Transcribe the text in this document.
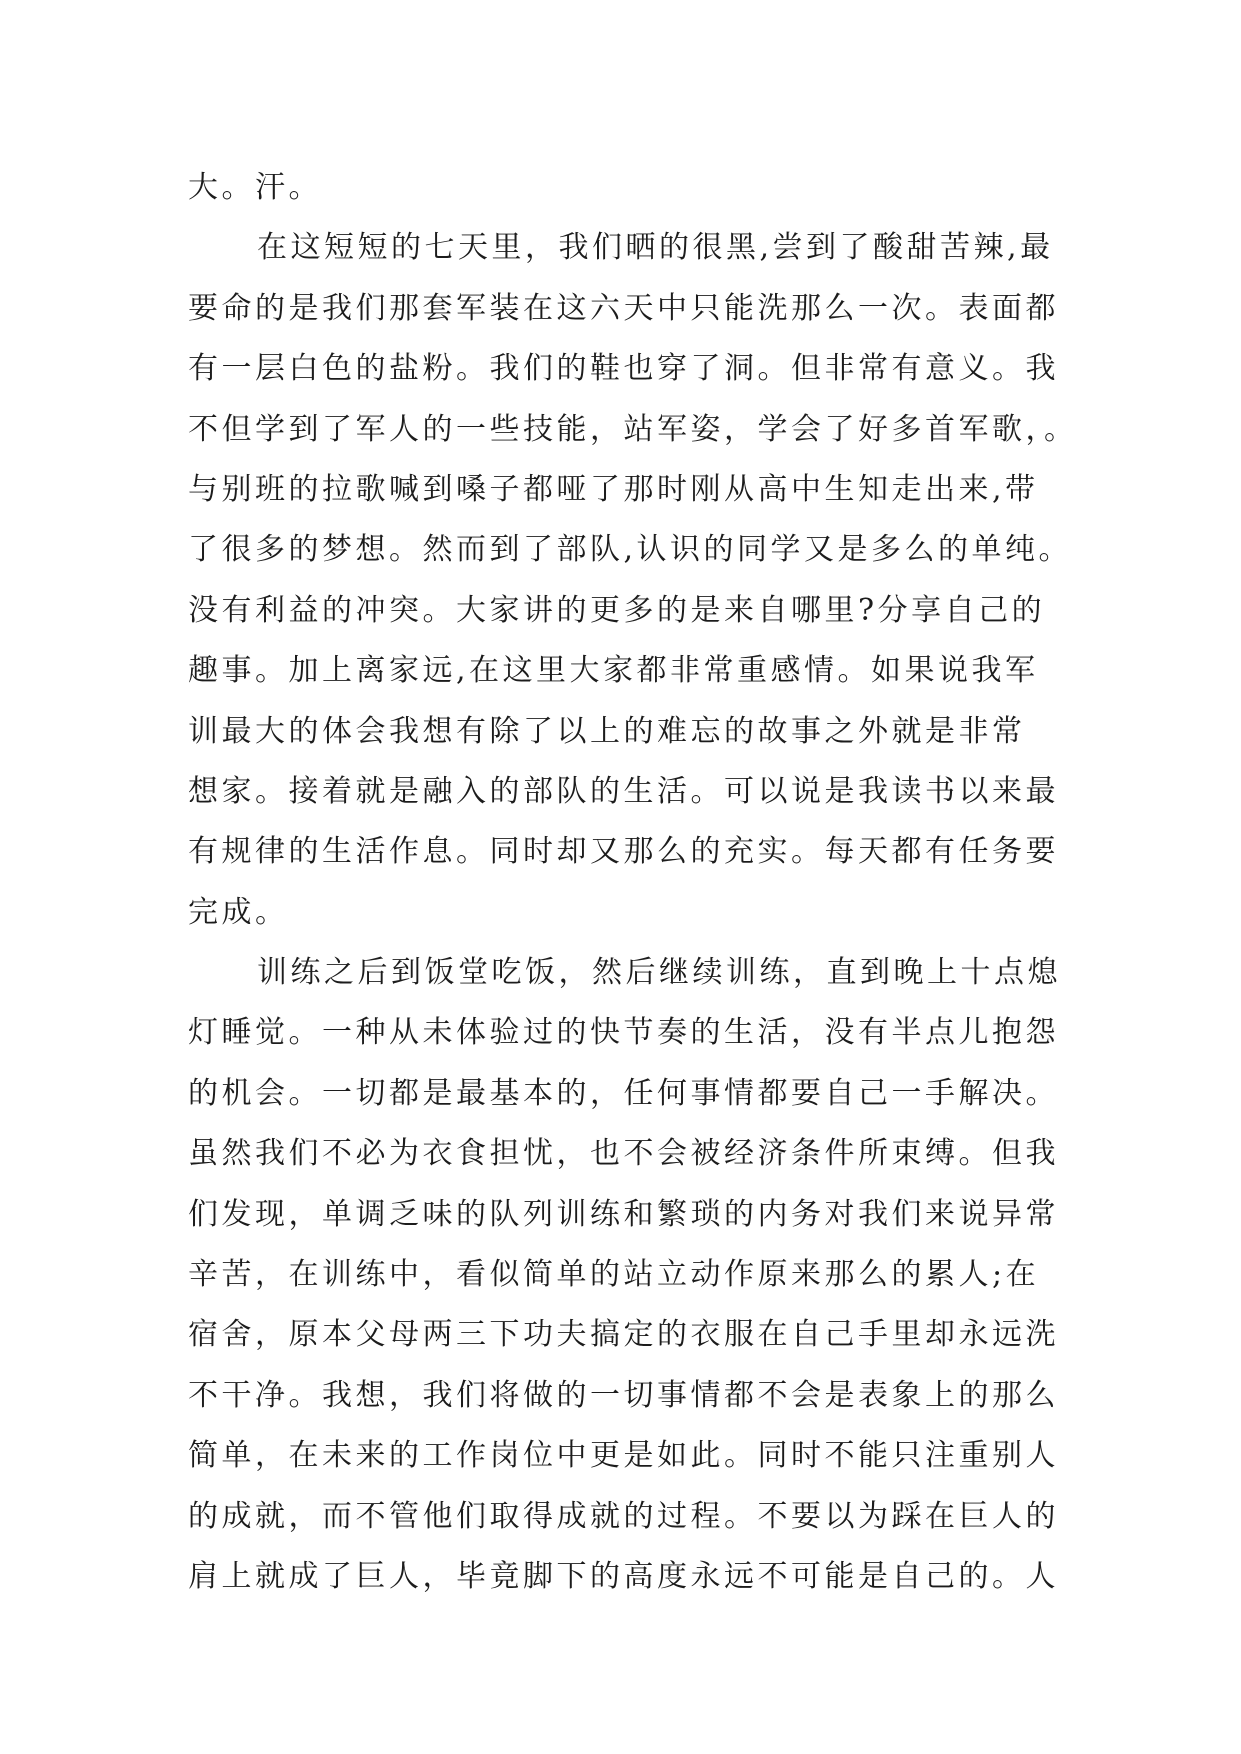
大。汗。
在这短短的七天里，我们晒的很黑,尝到了酸甜苦辣,最
要命的是我们那套军装在这六天中只能洗那么一次。表面都
有一层白色的盐粉。我们的鞋也穿了洞。但非常有意义。我
不但学到了军人的一些技能，站军姿，学会了好多首军歌，。
与别班的拉歌喊到嗓子都哑了那时刚从高中生知走出来,带
了很多的梦想。然而到了部队,认识的同学又是多么的单纯。
没有利益的冲突。大家讲的更多的是来自哪里?分享自己的
趣事。加上离家远,在这里大家都非常重感情。如果说我军
训最大的体会我想有除了以上的难忘的故事之外就是非常
想家。接着就是融入的部队的生活。可以说是我读书以来最
有规律的生活作息。同时却又那么的充实。每天都有任务要
完成。
训练之后到饭堂吃饭，然后继续训练，直到晚上十点熄
灯睡觉。一种从未体验过的快节奏的生活，没有半点儿抱怨
的机会。一切都是最基本的，任何事情都要自己一手解决。
虽然我们不必为衣食担忧，也不会被经济条件所束缚。但我
们发现，单调乏味的队列训练和繁琐的内务对我们来说异常
辛苦，在训练中，看似简单的站立动作原来那么的累人;在
宿舍，原本父母两三下功夫搞定的衣服在自己手里却永远洗
不干净。我想，我们将做的一切事情都不会是表象上的那么
简单，在未来的工作岗位中更是如此。同时不能只注重别人
的成就，而不管他们取得成就的过程。不要以为踩在巨人的
肩上就成了巨人，毕竟脚下的高度永远不可能是自己的。人
